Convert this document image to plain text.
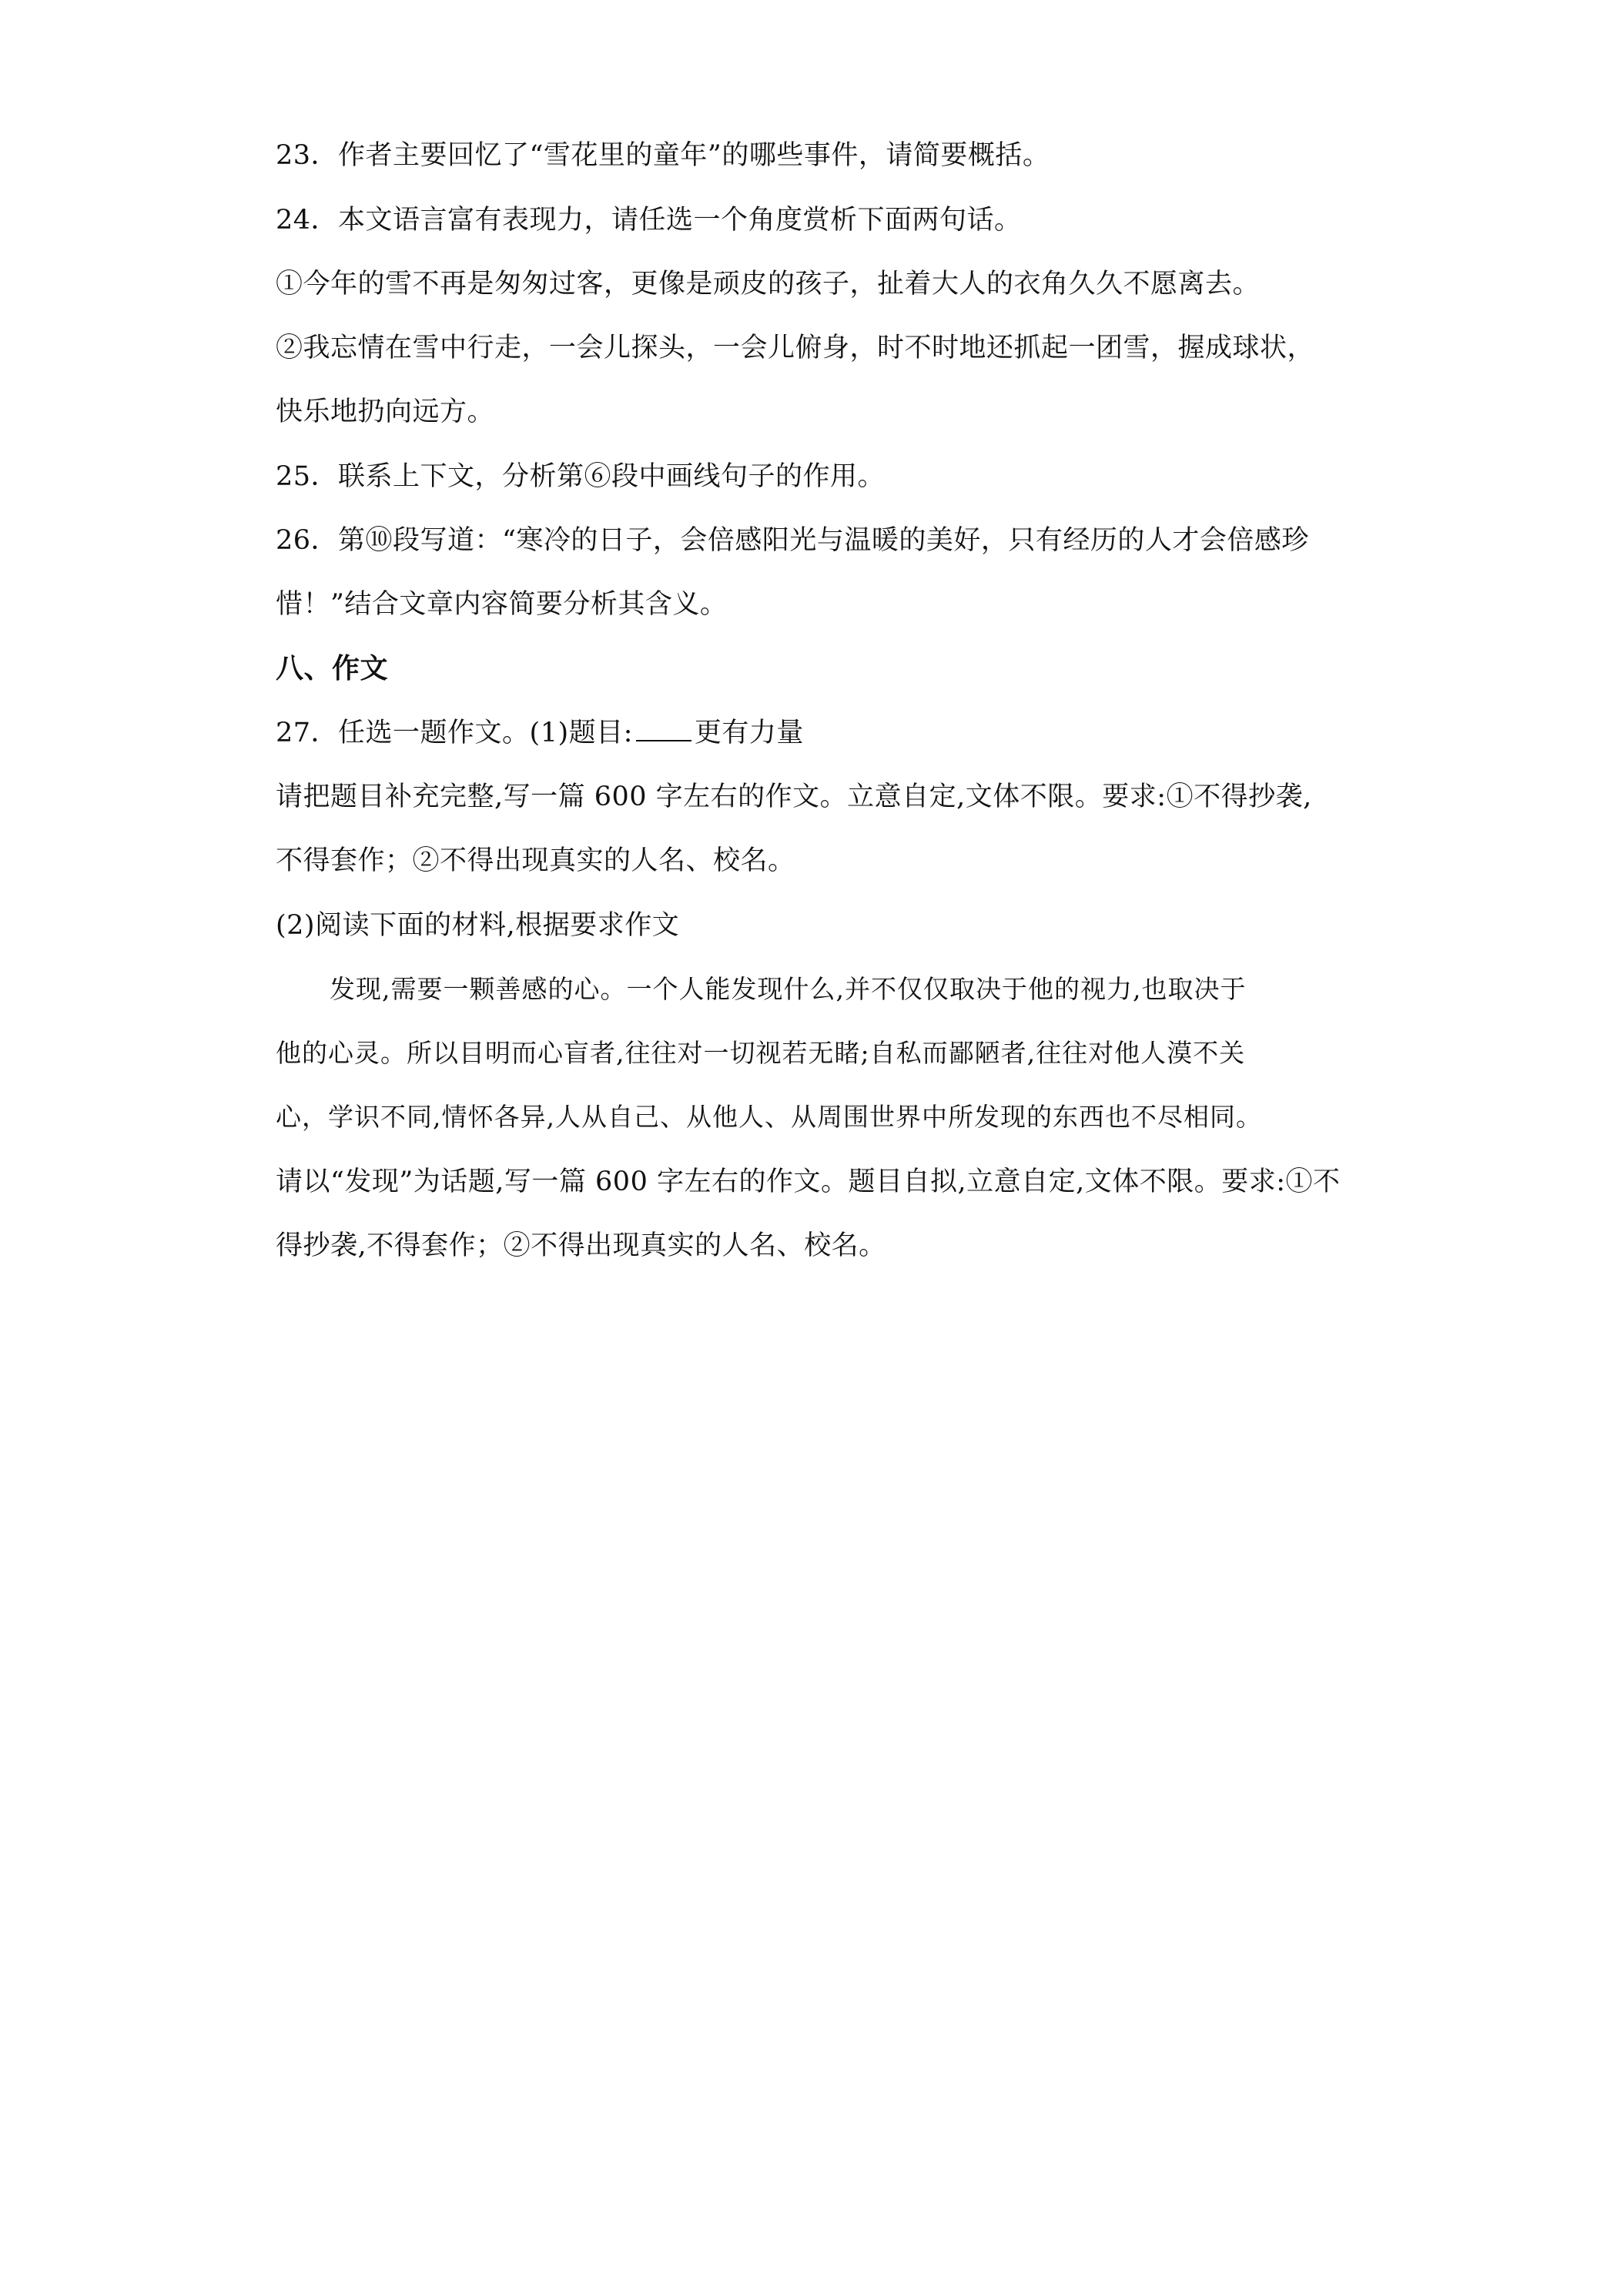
23．作者主要回忆了“雪花里的童年”的哪些事件，请简要概括。
24．本文语言富有表现力，请任选一个角度赏析下面两句话。
①今年的雪不再是匆匆过客，更像是顽皮的孩子，扯着大人的衣角久久不愿离去。
②我忘情在雪中行走，一会儿探头，一会儿俯身，时不时地还抓起一团雪，握成球状，
快乐地扔向远方。
25．联系上下文，分析第⑥段中画线句子的作用。
26．第⑩段写道：“寒冷的日子，会倍感阳光与温暖的美好，只有经历的人才会倍感珍
惜！”结合文章内容简要分析其含义。
八、作文
27．任选一题作文。(1)题目: 更有力量
请把题目补充完整,写一篇 600 字左右的作文。立意自定,文体不限。要求:①不得抄袭,
不得套作；②不得出现真实的人名、校名。
(2)阅读下面的材料,根据要求作文
发现,需要一颗善感的心。一个人能发现什么,并不仅仅取决于他的视力,也取决于
他的心灵。所以目明而心盲者,往往对一切视若无睹;自私而鄙陋者,往往对他人漠不关
心，学识不同,情怀各异,人从自己、从他人、从周围世界中所发现的东西也不尽相同。
请以“发现”为话题,写一篇 600 字左右的作文。题目自拟,立意自定,文体不限。要求:①不
得抄袭,不得套作；②不得出现真实的人名、校名。
